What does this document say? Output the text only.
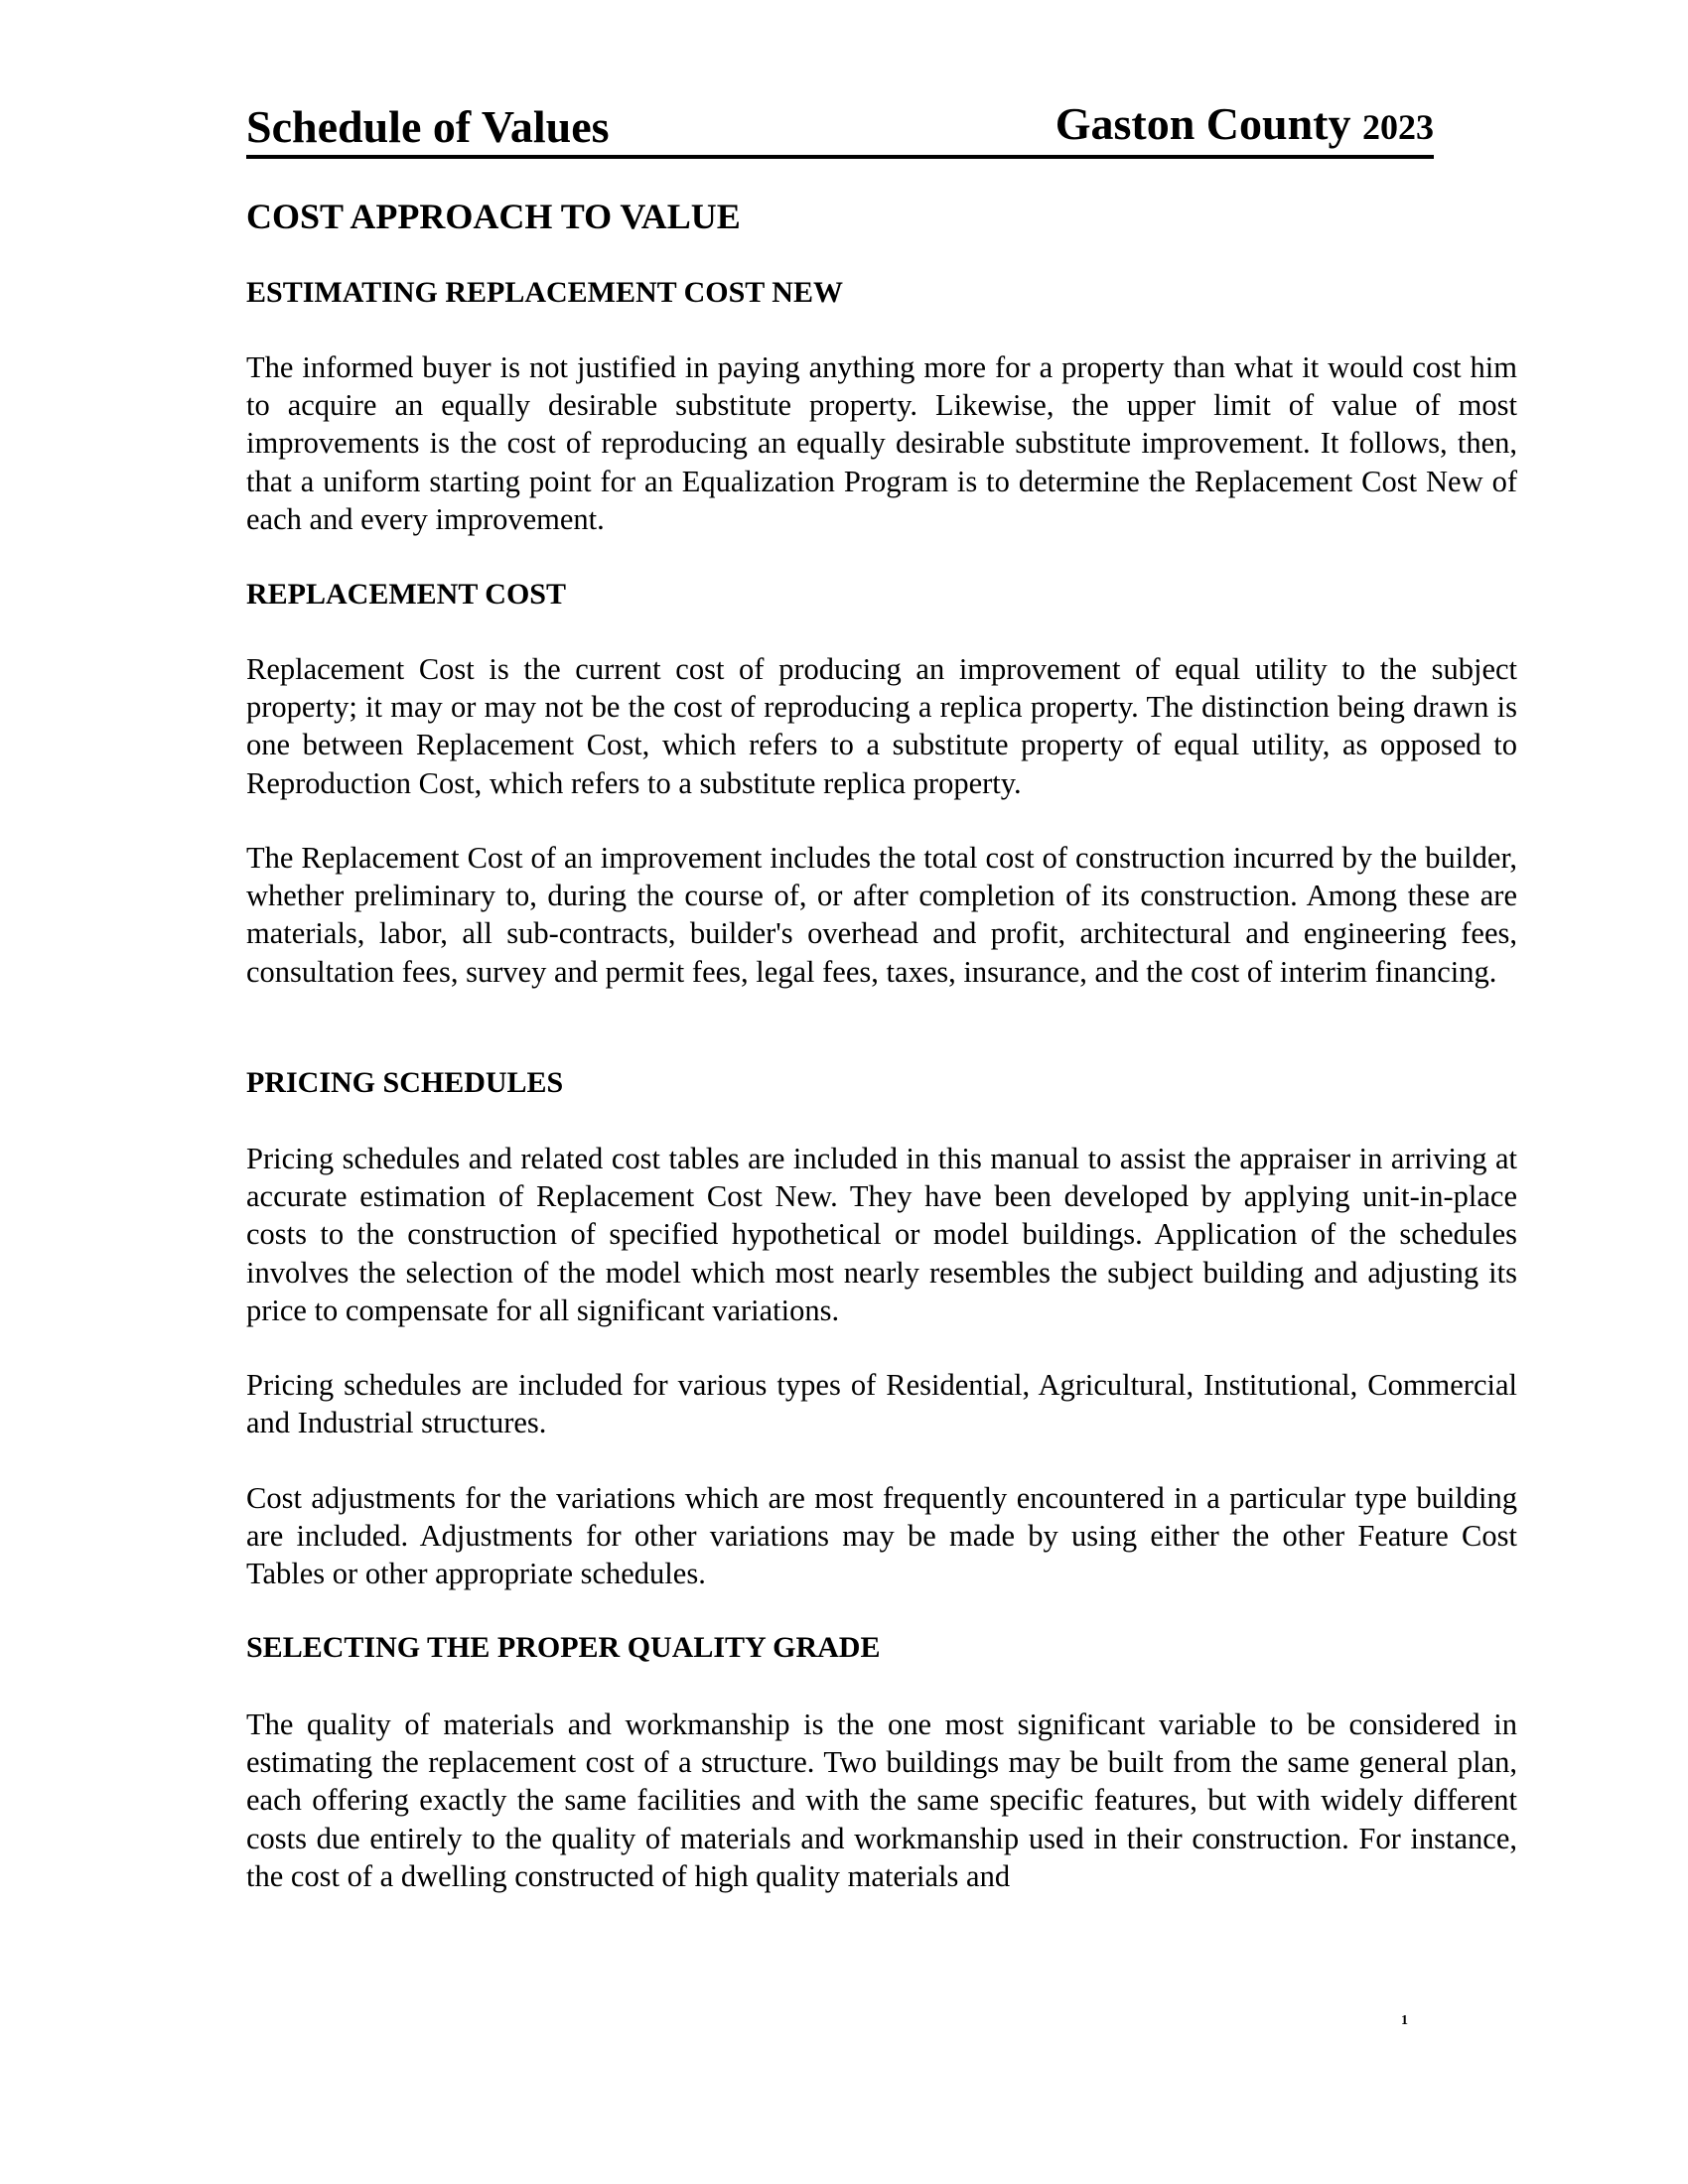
Schedule of Values	Gaston County 2023
COST APPROACH TO VALUE
ESTIMATING REPLACEMENT COST NEW
The informed buyer is not justified in paying anything more for a property than what it would cost him to acquire an equally desirable substitute property. Likewise, the upper limit of value of most improvements is the cost of reproducing an equally desirable substitute improvement. It follows, then, that a uniform starting point for an Equalization Program is to determine the Replacement Cost New of each and every improvement.
REPLACEMENT COST
Replacement Cost is the current cost of producing an improvement of equal utility to the subject property; it may or may not be the cost of reproducing a replica property. The distinction being drawn is one between Replacement Cost, which refers to a substitute property of equal utility, as opposed to Reproduction Cost, which refers to a substitute replica property.
The Replacement Cost of an improvement includes the total cost of construction incurred by the builder, whether preliminary to, during the course of, or after completion of its construction. Among these are materials, labor, all sub-contracts, builder's overhead and profit, architectural and engineering fees, consultation fees, survey and permit fees, legal fees, taxes, insurance, and the cost of interim financing.
PRICING SCHEDULES
Pricing schedules and related cost tables are included in this manual to assist the appraiser in arriving at accurate estimation of Replacement Cost New. They have been developed by applying unit-in-place costs to the construction of specified hypothetical or model buildings. Application of the schedules involves the selection of the model which most nearly resembles the subject building and adjusting its price to compensate for all significant variations.
Pricing schedules are included for various types of Residential, Agricultural, Institutional, Commercial and Industrial structures.
Cost adjustments for the variations which are most frequently encountered in a particular type building are included. Adjustments for other variations may be made by using either the other Feature Cost Tables or other appropriate schedules.
SELECTING THE PROPER QUALITY GRADE
The quality of materials and workmanship is the one most significant variable to be considered in estimating the replacement cost of a structure. Two buildings may be built from the same general plan, each offering exactly the same facilities and with the same specific features, but with widely different costs due entirely to the quality of materials and workmanship used in their construction. For instance, the cost of a dwelling constructed of high quality materials and
1
